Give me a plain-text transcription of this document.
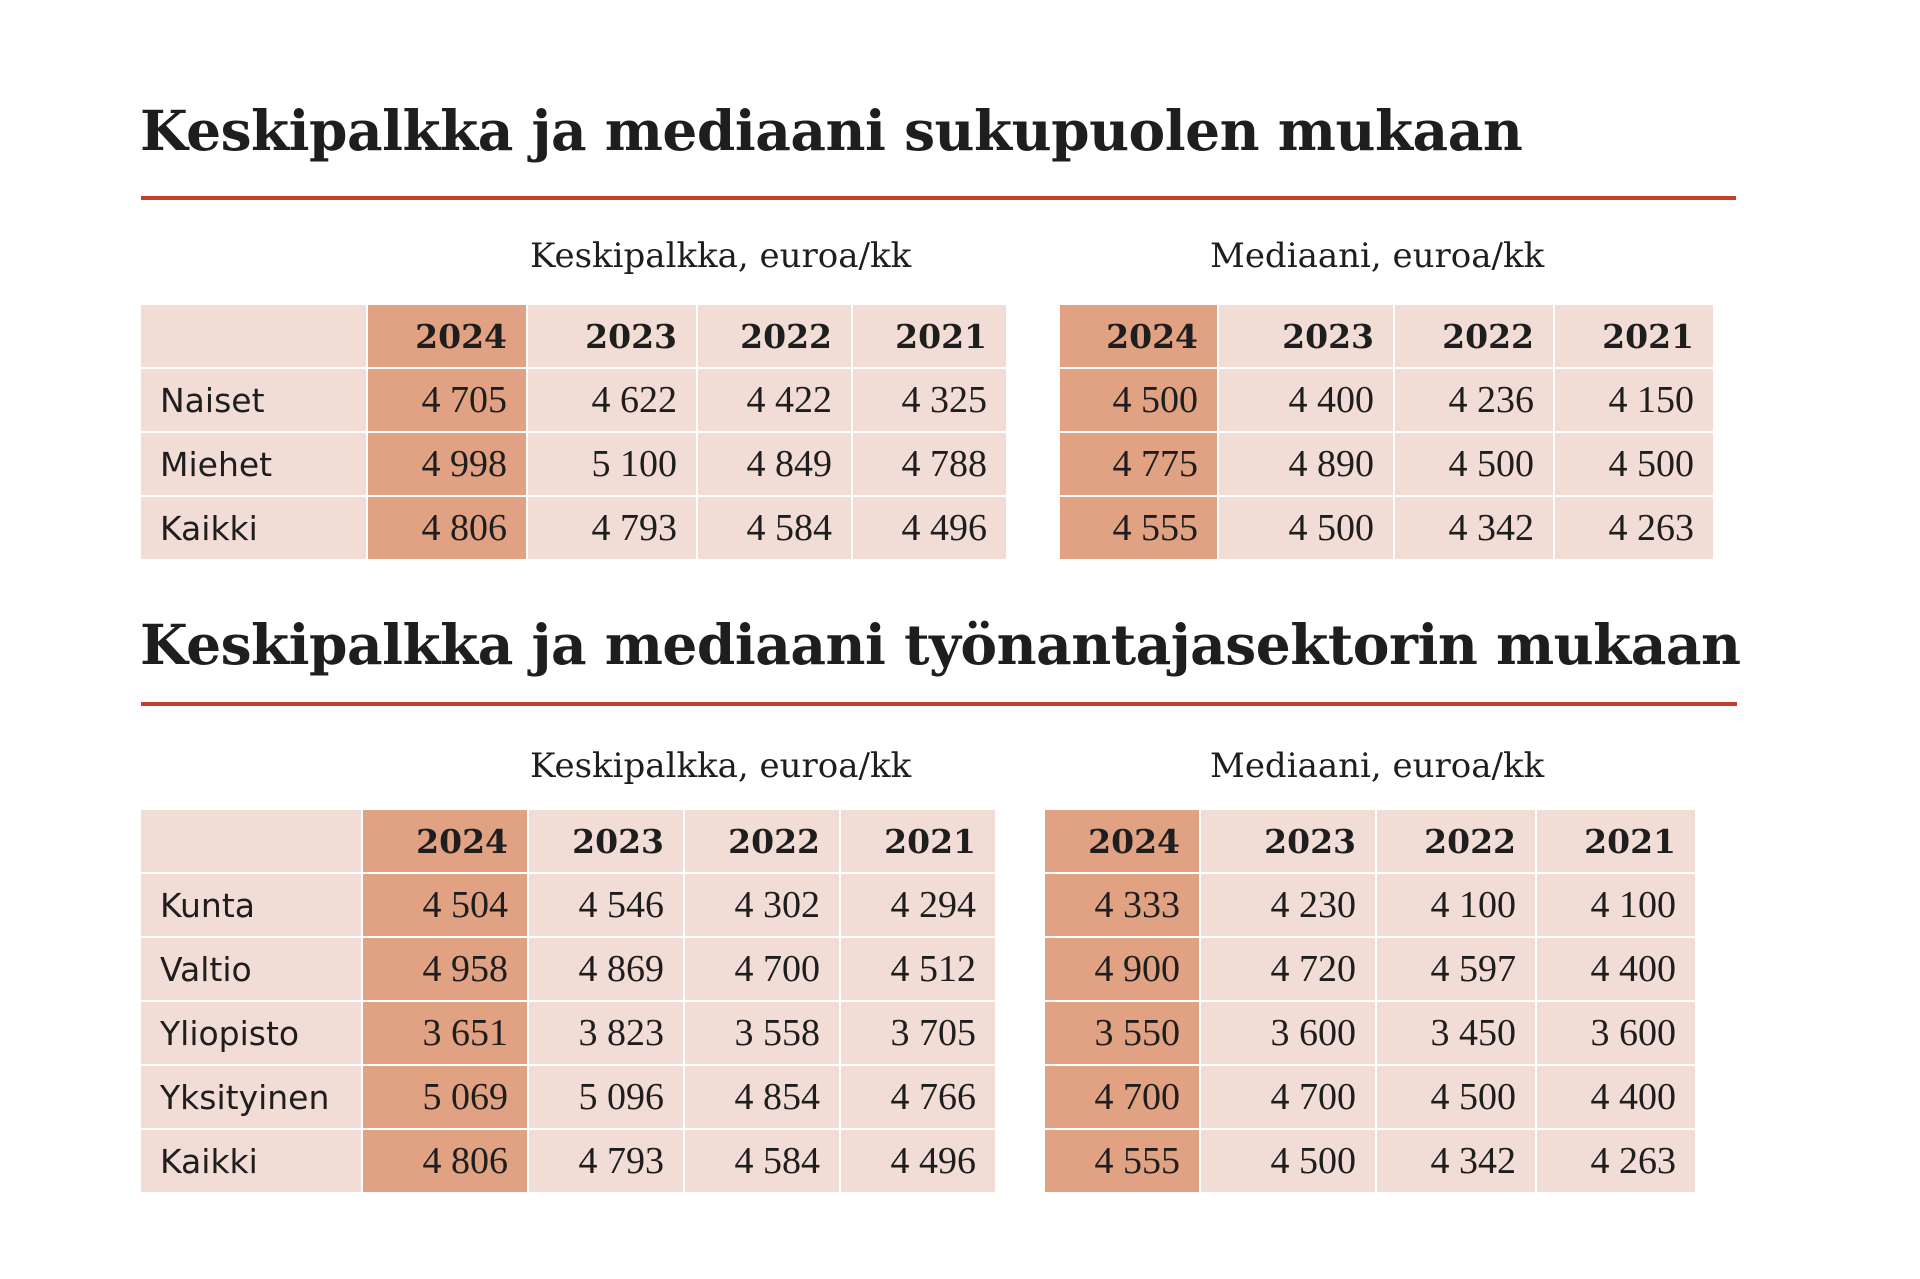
Keskipalkka ja mediaani sukupuolen mukaan
Keskipalkka, euroa/kk	Mediaani, euroa/kk
	2024	2023	2022	2021		2024	2023	2022	2021
Naiset	4 705	4 622	4 422	4 325		4 500	4 400	4 236	4 150
Miehet	4 998	5 100	4 849	4 788		4 775	4 890	4 500	4 500
Kaikki	4 806	4 793	4 584	4 496		4 555	4 500	4 342	4 263
Keskipalkka ja mediaani työnantajasektorin mukaan
Keskipalkka, euroa/kk	Mediaani, euroa/kk
	2024	2023	2022	2021		2024	2023	2022	2021
Kunta	4 504	4 546	4 302	4 294		4 333	4 230	4 100	4 100
Valtio	4 958	4 869	4 700	4 512		4 900	4 720	4 597	4 400
Yliopisto	3 651	3 823	3 558	3 705		3 550	3 600	3 450	3 600
Yksityinen	5 069	5 096	4 854	4 766		4 700	4 700	4 500	4 400
Kaikki	4 806	4 793	4 584	4 496		4 555	4 500	4 342	4 263
